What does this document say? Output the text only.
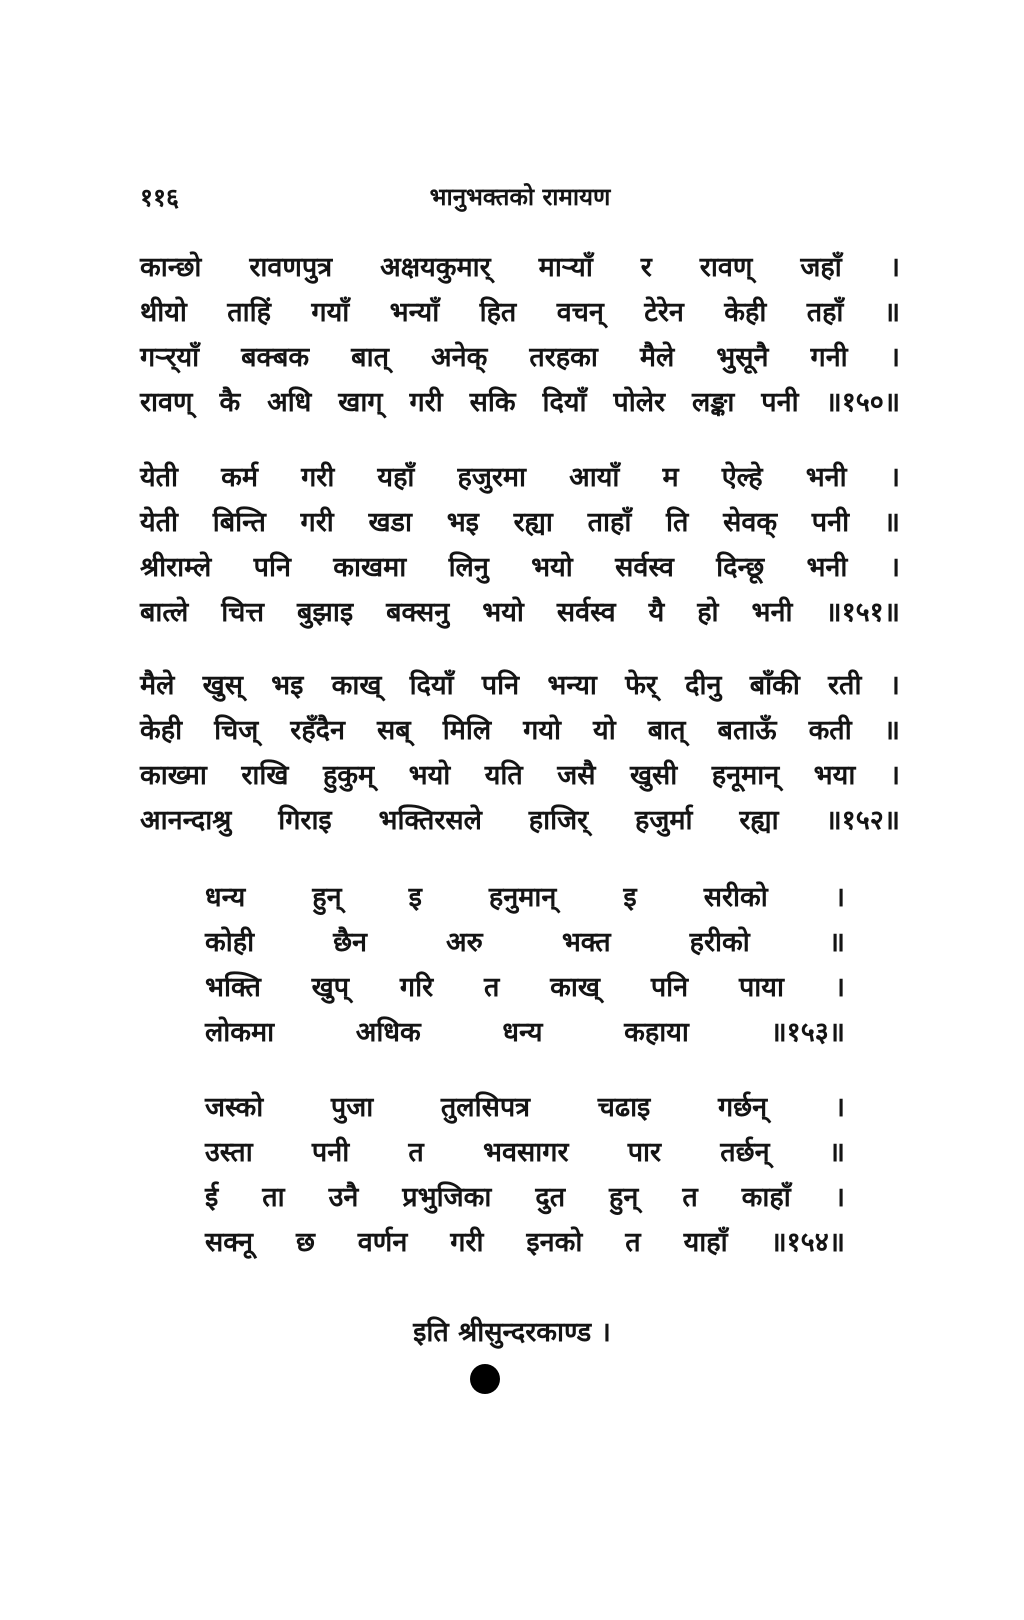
११६	भानुभक्तको रामायण
कान्छो रावणपुत्र अक्षयकुमार् मार्‍याँ र रावण् जहाँ ।
थीयो ताहिं गयाँ भन्याँ हित वचन् टेरेन केही तहाँ ॥
गर्‍र्याँ बक्बक बात् अनेक् तरहका मैले भुसूनै गनी ।
रावण् कै अधि खाग् गरी सकि दियाँ पोलेर लङ्का पनी ॥१५०॥
येती कर्म गरी यहाँ हजुरमा आयाँ म ऐल्हे भनी ।
येती बिन्ति गरी खडा भइ रह्या ताहाँ ति सेवक् पनी ॥
श्रीराम्ले पनि काखमा लिनु भयो सर्वस्व दिन्छू भनी ।
बात्ले चित्त बुझाइ बक्सनु भयो सर्वस्व यै हो भनी ॥१५१॥
मैले खुस् भइ काख् दियाँ पनि भन्या फेर् दीनु बाँकी रती ।
केही चिज् रहँदैन सब् मिलि गयो यो बात् बताऊँ कती ॥
काख्मा राखि हुकुम् भयो यति जसै खुसी हनूमान् भया ।
आनन्दाश्रु गिराइ भक्तिरसले हाजिर् हजुर्मा रह्या ॥१५२॥
धन्य हुन् इ हनुमान् इ सरीको ।
कोही	छैन	अरु	भक्त	हरीको	॥
भक्ति खुप् गरि त काख् पनि पाया ।
लोकमा	अधिक	धन्य	कहाया	॥१५३॥
जस्को	पुजा	तुलसिपत्र	चढाइ	गर्छन्	।
उस्ता पनी त भवसागर पार तर्छन् ॥
ई ता उनै प्रभुजिका दुत हुन् त काहाँ ।
सक्नू छ वर्णन गरी इनको त याहाँ ॥१५४॥
इति श्रीसुन्दरकाण्ड ।
